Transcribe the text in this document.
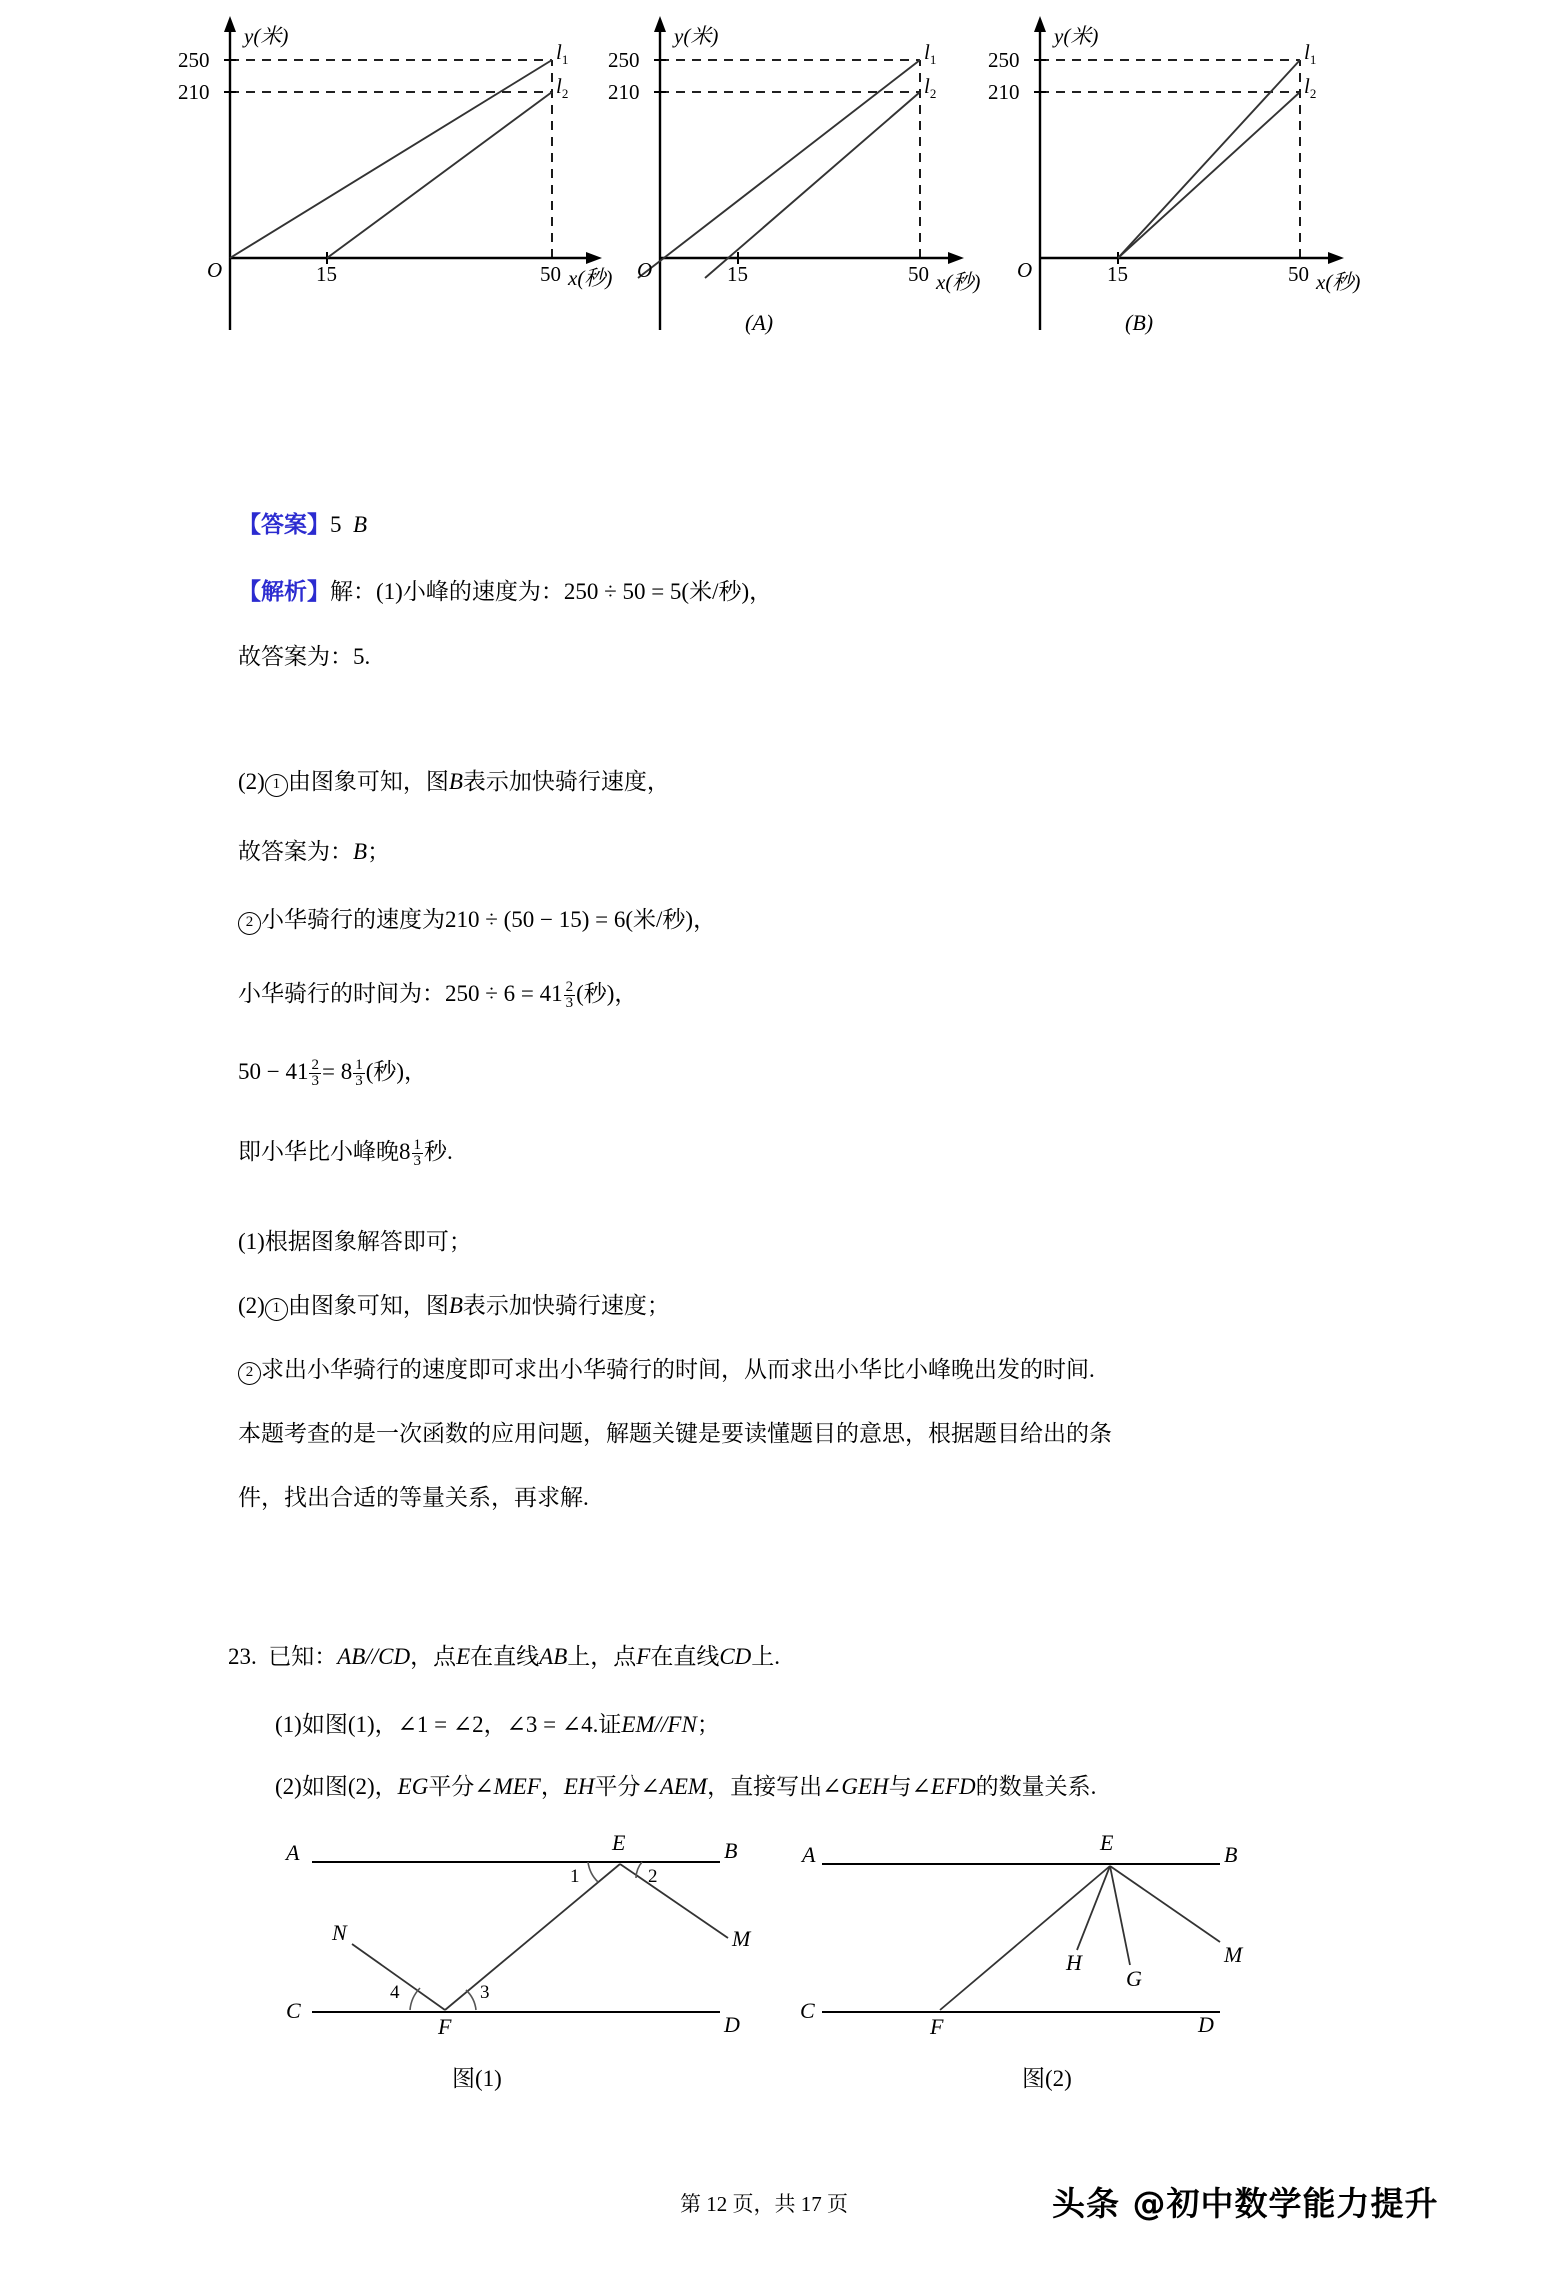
y(米)
x(秒)
250
210
O	15	50
$l_1$
$l_2$
y(米)
x(秒)
250
210
O	15	50
$l_1$
$l_2$
(A)
y(米)
x(秒)
250
210
O	15	50
$l_1$
$l_2$
(B)
【答案】5 B
【解析】解：(1)小峰的速度为：250 ÷ 50 = 5(米/秒)，
故答案为：5.
(2) 1 由图象可知，图B表示加快骑行速度，
故答案为：B；
2 小华骑行的速度为210 ÷ (50 − 15) = 6(米/秒)，
小华骑行的时间为：$250 \div 6 = 41 \frac{2}{3}$ (秒)，
$50 - 41 \frac{2}{3} = 8 \frac{1}{3}$ (秒)，
即小华比小峰晚$8 \frac{1}{3}$ 秒.
(1)根据图象解答即可；
(2) 1 由图象可知，图B表示加快骑行速度；
2 求出小华骑行的速度即可求出小华骑行的时间，从而求出小华比小峰晚出发的时间.
本题考查的是一次函数的应用问题，解题关键是要读懂题目的意思，根据题目给出的条
件，找出合适的等量关系，再求解.
23. 已知：AB//CD，点E在直线AB上，点F在直线CD上.
(1)如图(1)，∠1 = ∠2，∠3 = ∠4.证EM//FN；
(2)如图(2)，EG平分∠MEF，EH平分∠AEM，直接写出∠GEH与∠EFD的数量关系.
A	B
C
D
E
F
M
N
1	2
3
4
图(1)
A	B
C
D
E
F
G
H	M
图(2)
第 12 页，共 17 页	头条 @初中数学能力提升
